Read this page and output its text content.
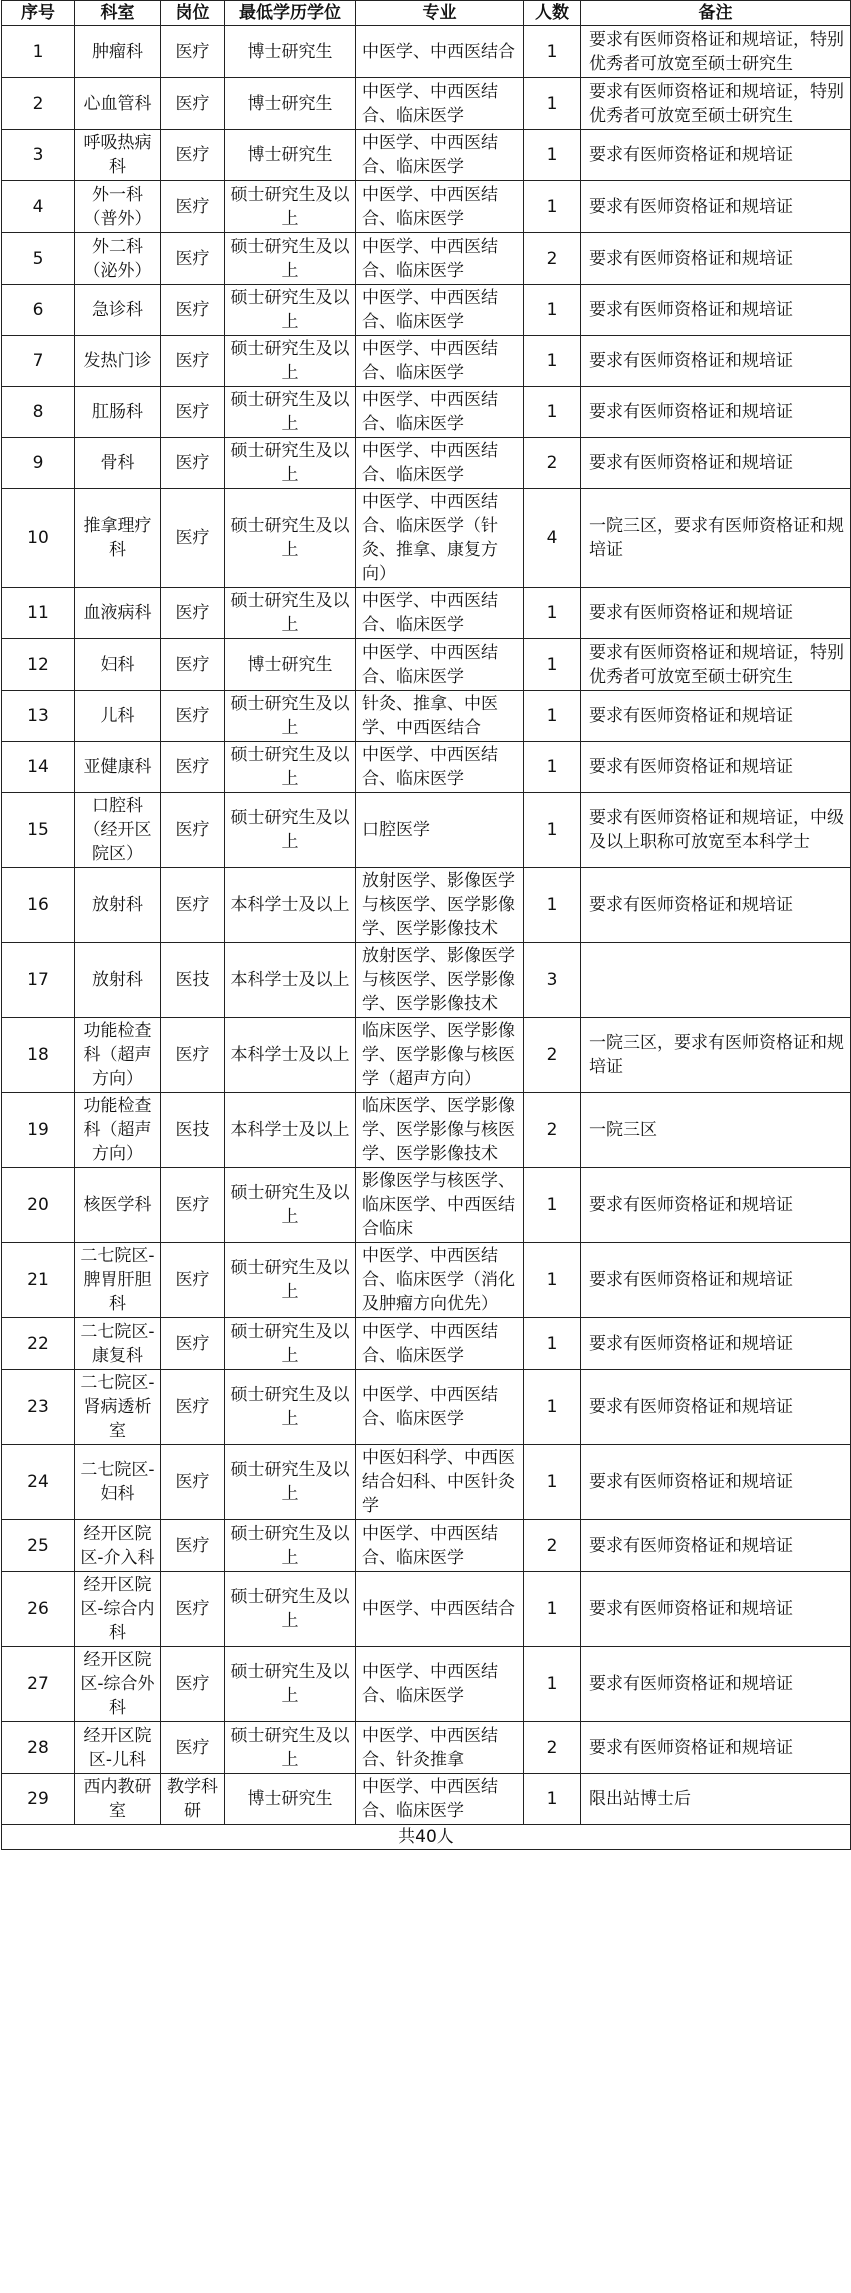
序号	科室	岗位	最低学历学位	专业	人数	备注
1	肿瘤科	医疗	博士研究生	中医学、中西医结合	1	要求有医师资格证和规培证，特别优秀者可放宽至硕士研究生
2	心血管科	医疗	博士研究生	中医学、中西医结合、临床医学	1	要求有医师资格证和规培证，特别优秀者可放宽至硕士研究生
3	呼吸热病科	医疗	博士研究生	中医学、中西医结合、临床医学	1	要求有医师资格证和规培证
4	外一科（普外）	医疗	硕士研究生及以上	中医学、中西医结合、临床医学	1	要求有医师资格证和规培证
5	外二科（泌外）	医疗	硕士研究生及以上	中医学、中西医结合、临床医学	2	要求有医师资格证和规培证
6	急诊科	医疗	硕士研究生及以上	中医学、中西医结合、临床医学	1	要求有医师资格证和规培证
7	发热门诊	医疗	硕士研究生及以上	中医学、中西医结合、临床医学	1	要求有医师资格证和规培证
8	肛肠科	医疗	硕士研究生及以上	中医学、中西医结合、临床医学	1	要求有医师资格证和规培证
9	骨科	医疗	硕士研究生及以上	中医学、中西医结合、临床医学	2	要求有医师资格证和规培证
10	推拿理疗科	医疗	硕士研究生及以上	中医学、中西医结合、临床医学（针灸、推拿、康复方向）	4	一院三区，要求有医师资格证和规培证
11	血液病科	医疗	硕士研究生及以上	中医学、中西医结合、临床医学	1	要求有医师资格证和规培证
12	妇科	医疗	博士研究生	中医学、中西医结合、临床医学	1	要求有医师资格证和规培证，特别优秀者可放宽至硕士研究生
13	儿科	医疗	硕士研究生及以上	针灸、推拿、中医学、中西医结合	1	要求有医师资格证和规培证
14	亚健康科	医疗	硕士研究生及以上	中医学、中西医结合、临床医学	1	要求有医师资格证和规培证
15	口腔科（经开区院区）	医疗	硕士研究生及以上	口腔医学	1	要求有医师资格证和规培证，中级及以上职称可放宽至本科学士
16	放射科	医疗	本科学士及以上	放射医学、影像医学与核医学、医学影像学、医学影像技术	1	要求有医师资格证和规培证
17	放射科	医技	本科学士及以上	放射医学、影像医学与核医学、医学影像学、医学影像技术	3	
18	功能检查科（超声方向）	医疗	本科学士及以上	临床医学、医学影像学、医学影像与核医学（超声方向）	2	一院三区，要求有医师资格证和规培证
19	功能检查科（超声方向）	医技	本科学士及以上	临床医学、医学影像学、医学影像与核医学、医学影像技术	2	一院三区
20	核医学科	医疗	硕士研究生及以上	影像医学与核医学、临床医学、中西医结合临床	1	要求有医师资格证和规培证
21	二七院区-脾胃肝胆科	医疗	硕士研究生及以上	中医学、中西医结合、临床医学（消化及肿瘤方向优先）	1	要求有医师资格证和规培证
22	二七院区-康复科	医疗	硕士研究生及以上	中医学、中西医结合、临床医学	1	要求有医师资格证和规培证
23	二七院区-肾病透析室	医疗	硕士研究生及以上	中医学、中西医结合、临床医学	1	要求有医师资格证和规培证
24	二七院区-妇科	医疗	硕士研究生及以上	中医妇科学、中西医结合妇科、中医针灸学	1	要求有医师资格证和规培证
25	经开区院区-介入科	医疗	硕士研究生及以上	中医学、中西医结合、临床医学	2	要求有医师资格证和规培证
26	经开区院区-综合内科	医疗	硕士研究生及以上	中医学、中西医结合	1	要求有医师资格证和规培证
27	经开区院区-综合外科	医疗	硕士研究生及以上	中医学、中西医结合、临床医学	1	要求有医师资格证和规培证
28	经开区院区-儿科	医疗	硕士研究生及以上	中医学、中西医结合、针灸推拿	2	要求有医师资格证和规培证
29	西内教研室	教学科研	博士研究生	中医学、中西医结合、临床医学	1	限出站博士后
共40人						
